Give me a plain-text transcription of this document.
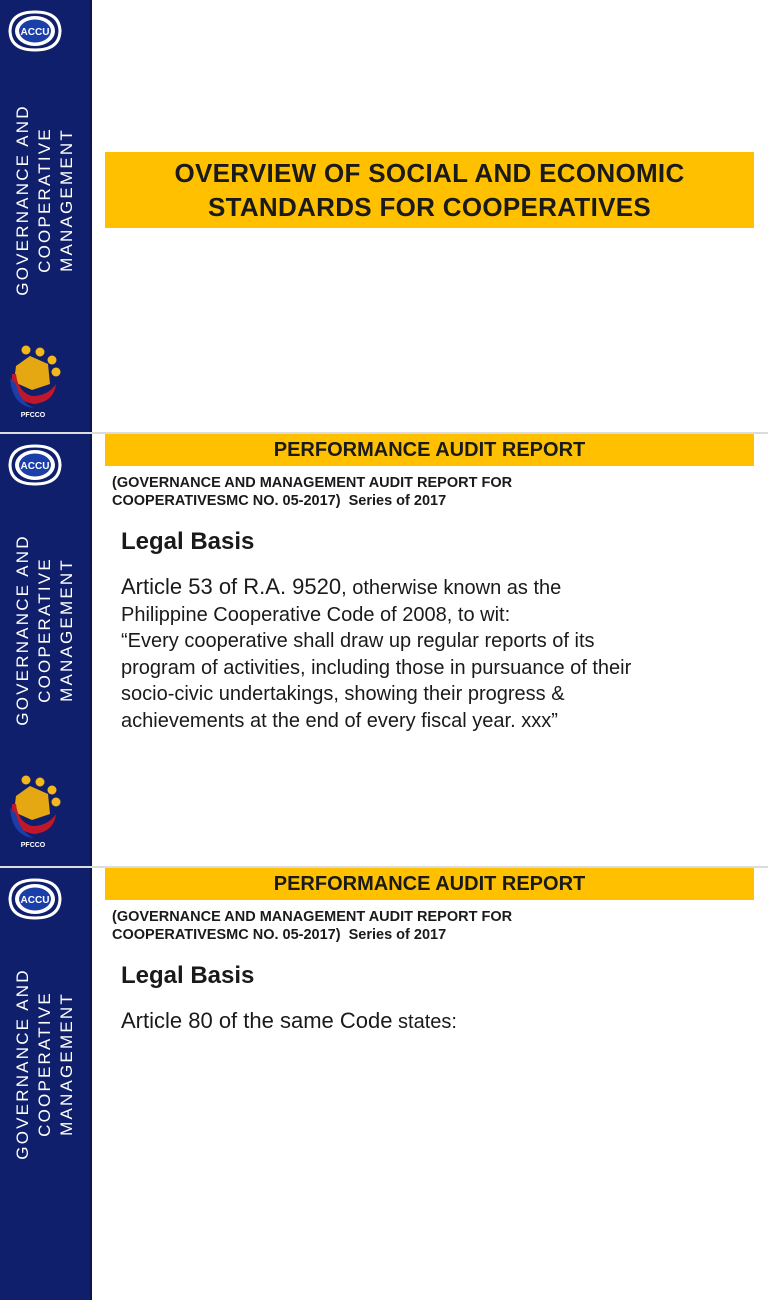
ACCU
GOVERNANCE AND COOPERATIVE MANAGEMENT
PFCCO
OVERVIEW OF SOCIAL AND ECONOMIC
STANDARDS FOR COOPERATIVES
ACCU
GOVERNANCE AND COOPERATIVE MANAGEMENT
PFCCO
PERFORMANCE AUDIT REPORT
(GOVERNANCE AND MANAGEMENT AUDIT REPORT FOR
COOPERATIVESMC NO. 05-2017)  Series of 2017
Legal Basis

Article 53 of R.A. 9520, otherwise known as the

Philippine Cooperative Code of 2008, to wit:

“Every cooperative shall draw up regular reports of its

program of activities, including those in pursuance of their

socio-civic undertakings, showing their progress &

achievements at the end of every fiscal year. xxx”

ACCU
GOVERNANCE AND COOPERATIVE MANAGEMENT
PERFORMANCE AUDIT REPORT
(GOVERNANCE AND MANAGEMENT AUDIT REPORT FOR
COOPERATIVESMC NO. 05-2017)  Series of 2017
Legal Basis

Article 80 of the same Code states:
